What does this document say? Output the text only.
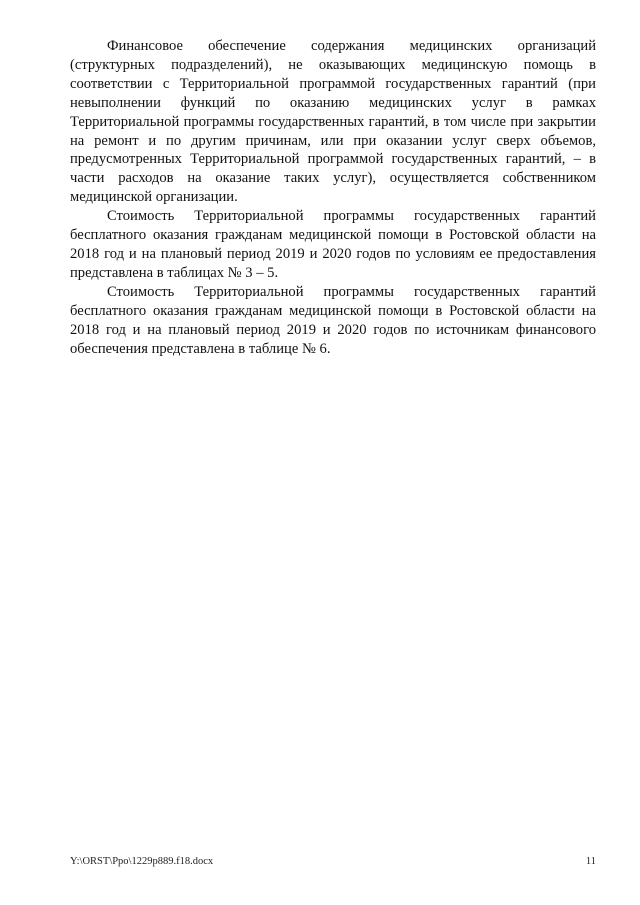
Финансовое обеспечение содержания медицинских организаций (структурных подразделений), не оказывающих медицинскую помощь в соответствии с Территориальной программой государственных гарантий (при невыполнении функций по оказанию медицинских услуг в рамках Территориальной программы государственных гарантий, в том числе при закрытии на ремонт и по другим причинам, или при оказании услуг сверх объемов, предусмотренных Территориальной программой государственных гарантий, – в части расходов на оказание таких услуг), осуществляется собственником медицинской организации.

Стоимость Территориальной программы государственных гарантий бесплатного оказания гражданам медицинской помощи в Ростовской области на 2018 год и на плановый период 2019 и 2020 годов по условиям ее предоставления представлена в таблицах № 3 – 5.

Стоимость Территориальной программы государственных гарантий бесплатного оказания гражданам медицинской помощи в Ростовской области на 2018 год и на плановый период 2019 и 2020 годов по источникам финансового обеспечения представлена в таблице № 6.

Y:\ORST\Ppo\1229p889.f18.docx	11
